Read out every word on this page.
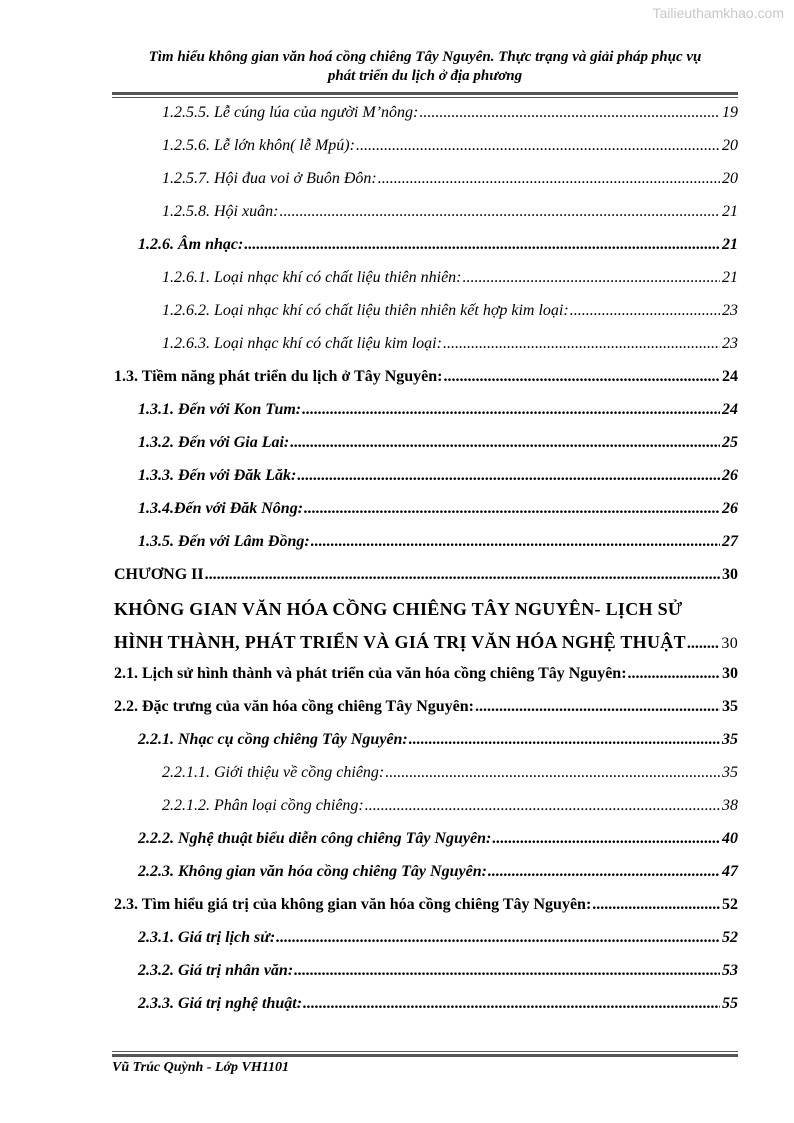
Tailieuthamkhao.com
Tìm hiểu không gian văn hoá cồng chiêng Tây Nguyên. Thực trạng và giải pháp phục vụ
phát triển du lịch ở địa phương
1.2.5.5. Lễ cúng lúa của người M’nông: .....	19
1.2.5.6. Lễ lớn khôn( lễ Mpú): .....	20
1.2.5.7. Hội đua voi ở Buôn Đôn: .....	20
1.2.5.8. Hội xuân: .....	21
1.2.6. Âm nhạc: .....	21
1.2.6.1. Loại nhạc khí có chất liệu thiên nhiên: .....	21
1.2.6.2. Loại nhạc khí có chất liệu thiên nhiên kết hợp kim loại: .....	23
1.2.6.3. Loại nhạc khí có chất liệu kim loại: .....	23
1.3. Tiềm năng phát triển du lịch ở Tây Nguyên: .....	24
1.3.1. Đến với Kon Tum: .....	24
1.3.2. Đến với Gia Lai: .....	25
1.3.3. Đến với Đăk Lăk: .....	26
1.3.4.Đến với Đăk Nông: .....	26
1.3.5. Đến với Lâm Đồng: .....	27
CHƯƠNG II .....	30
KHÔNG GIAN VĂN HÓA CỒNG CHIÊNG TÂY NGUYÊN- LỊCH SỬ
HÌNH THÀNH, PHÁT TRIỂN VÀ GIÁ TRỊ VĂN HÓA NGHỆ THUẬT ..... 30
2.1. Lịch sử hình thành và phát triển của văn hóa cồng chiêng Tây Nguyên: .....	30
2.2. Đặc trưng của văn hóa cồng chiêng Tây Nguyên: .....	35
2.2.1. Nhạc cụ cồng chiêng Tây Nguyên: .....	35
2.2.1.1. Giới thiệu về cồng chiêng: .....	35
2.2.1.2. Phân loại cồng chiêng: .....	38
2.2.2. Nghệ thuật biểu diễn công chiêng Tây Nguyên: .....	40
2.2.3. Không gian văn hóa cồng chiêng Tây Nguyên: .....	47
2.3. Tìm hiểu giá trị của không gian văn hóa cồng chiêng Tây Nguyên: .....	52
2.3.1. Giá trị lịch sử: .....	52
2.3.2. Giá trị nhân văn: .....	53
2.3.3. Giá trị nghệ thuật: .....	55
Vũ Trúc Quỳnh - Lớp VH1101
